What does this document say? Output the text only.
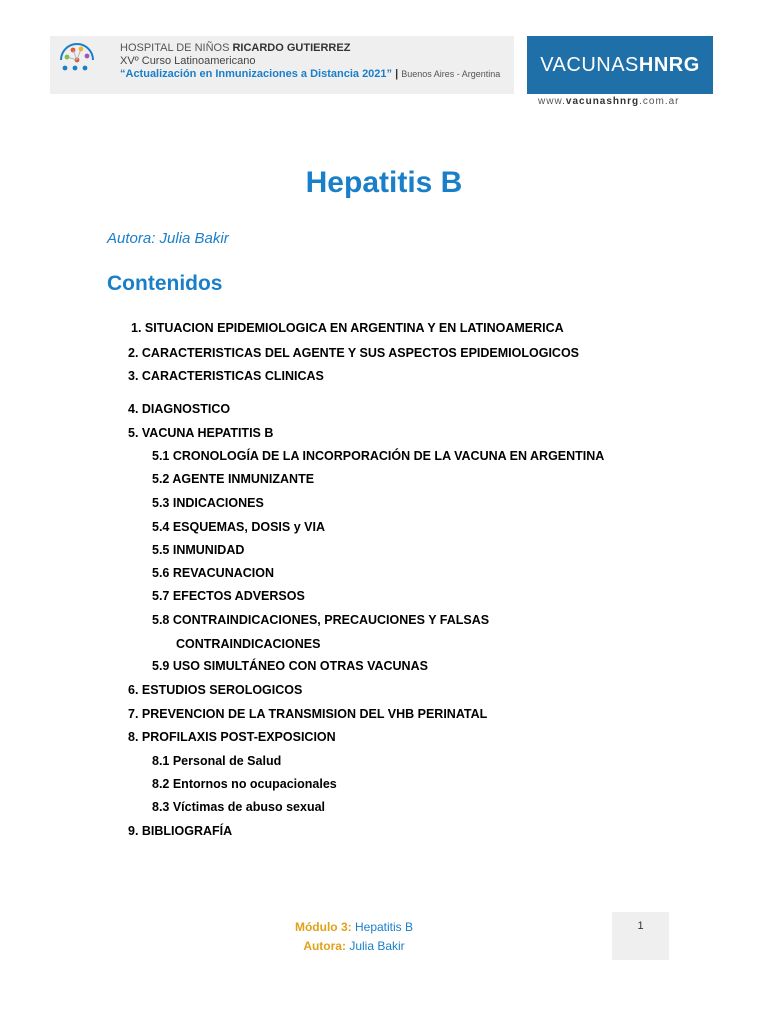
HOSPITAL DE NIÑOS RICARDO GUTIERREZ
XVº Curso Latinoamericano
“Actualización en Inmunizaciones a Distancia 2021” | Buenos Aires - Argentina	VACUNASHNRG
www.vacunashnrg.com.ar
Hepatitis B
Autora: Julia Bakir
Contenidos
1. SITUACION EPIDEMIOLOGICA EN ARGENTINA Y EN LATINOAMERICA
2. CARACTERISTICAS DEL AGENTE Y SUS ASPECTOS EPIDEMIOLOGICOS
3. CARACTERISTICAS CLINICAS
4. DIAGNOSTICO
5. VACUNA HEPATITIS B
5.1 CRONOLOGÍA DE LA INCORPORACIÓN DE LA VACUNA EN ARGENTINA
5.2 AGENTE INMUNIZANTE
5.3 INDICACIONES
5.4 ESQUEMAS, DOSIS y VIA
5.5 INMUNIDAD
5.6 REVACUNACION
5.7 EFECTOS ADVERSOS
5.8 CONTRAINDICACIONES, PRECAUCIONES Y FALSAS
CONTRAINDICACIONES
5.9 USO SIMULTÁNEO CON OTRAS VACUNAS
6. ESTUDIOS SEROLOGICOS
7. PREVENCION DE LA TRANSMISION DEL VHB PERINATAL
8. PROFILAXIS POST-EXPOSICION
8.1 Personal de Salud
8.2 Entornos no ocupacionales
8.3 Víctimas de abuso sexual
9. BIBLIOGRAFÍA
Módulo 3: Hepatitis B
Autora: Julia Bakir
1
